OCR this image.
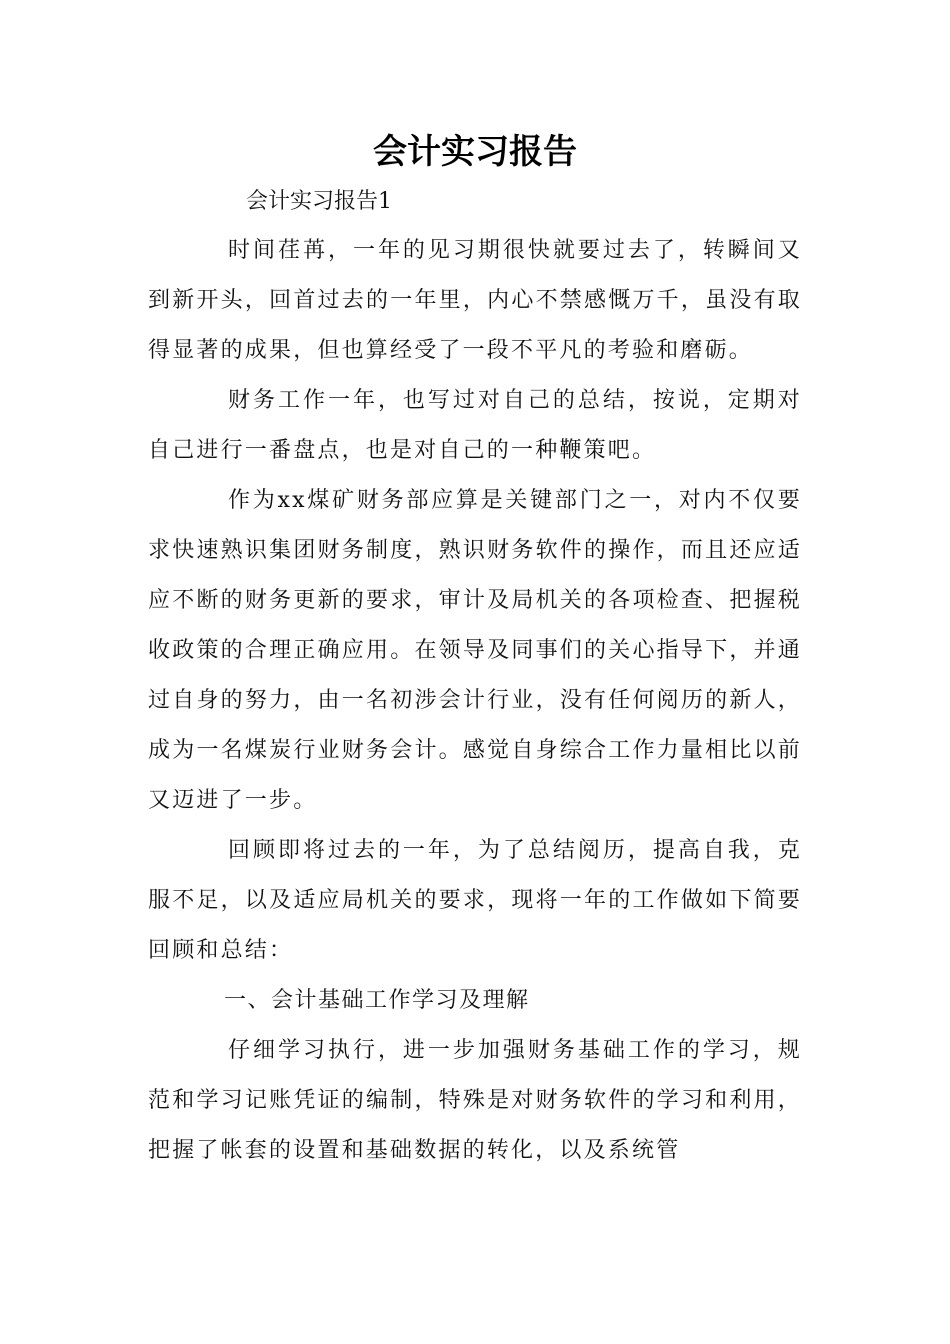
会计实习报告

会计实习报告1

时间荏苒，一年的见习期很快就要过去了，转瞬间又到新开头，回首过去的一年里，内心不禁感慨万千，虽没有取得显著的成果，但也算经受了一段不平凡的考验和磨砺。

财务工作一年，也写过对自己的总结，按说，定期对自己进行一番盘点，也是对自己的一种鞭策吧。

作为xx煤矿财务部应算是关键部门之一，对内不仅要求快速熟识集团财务制度，熟识财务软件的操作，而且还应适应不断的财务更新的要求，审计及局机关的各项检查、把握税收政策的合理正确应用。在领导及同事们的关心指导下，并通过自身的努力，由一名初涉会计行业，没有任何阅历的新人，成为一名煤炭行业财务会计。感觉自身综合工作力量相比以前又迈进了一步。

回顾即将过去的一年，为了总结阅历，提高自我，克服不足，以及适应局机关的要求，现将一年的工作做如下简要回顾和总结：

一、会计基础工作学习及理解

仔细学习执行，进一步加强财务基础工作的学习，规范和学习记账凭证的编制，特殊是对财务软件的学习和利用，把握了帐套的设置和基础数据的转化，以及系统管
